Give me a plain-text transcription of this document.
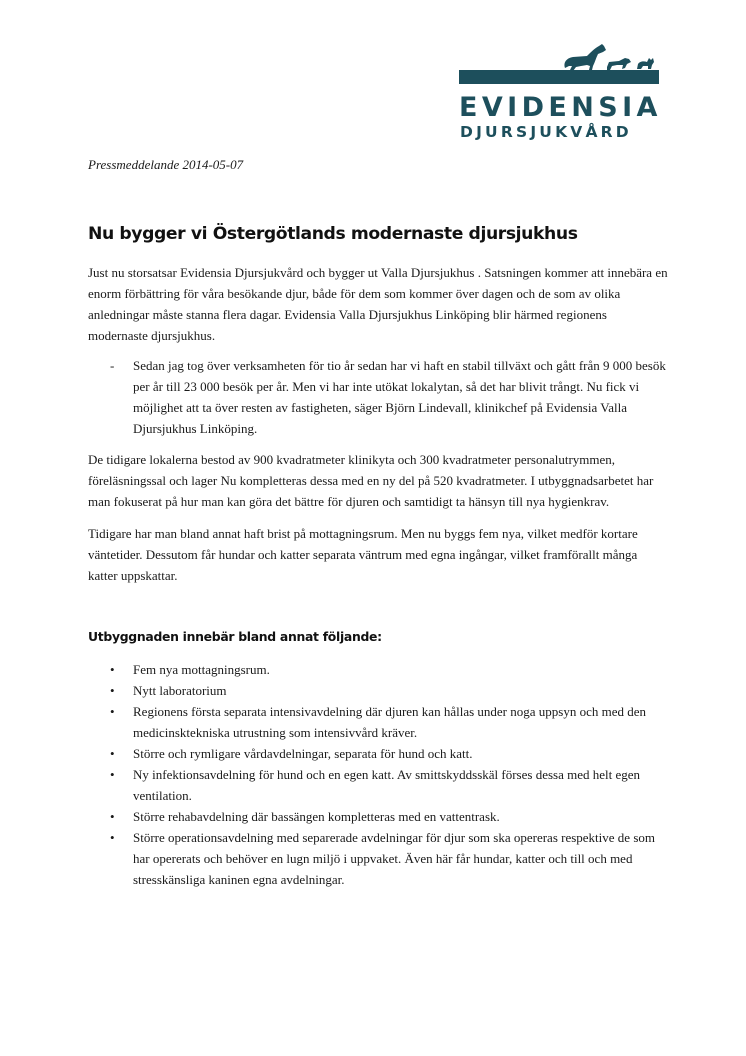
EVIDENSIA
DJURSJUKVÅRD
Pressmeddelande 2014-05-07
Nu bygger vi Östergötlands modernaste djursjukhus

Just nu storsatsar Evidensia Djursjukvård och bygger ut Valla Djursjukhus . Satsningen kommer att innebära en enorm förbättring för våra besökande djur, både för dem som kommer över dagen och de som av olika anledningar måste stanna flera dagar. Evidensia Valla Djursjukhus Linköping blir härmed regionens modernaste djursjukhus.

- Sedan jag tog över verksamheten för tio år sedan har vi haft en stabil tillväxt och gått från 9 000 besök per år till 23 000 besök per år. Men vi har inte utökat lokalytan, så det har blivit trångt. Nu fick vi möjlighet att ta över resten av fastigheten, säger Björn Lindevall, klinikchef på Evidensia Valla Djursjukhus Linköping.

De tidigare lokalerna bestod av 900 kvadratmeter klinikyta och 300 kvadratmeter personalutrymmen, föreläsningssal och lager Nu kompletteras dessa med en ny del på 520 kvadratmeter. I utbyggnadsarbetet har man fokuserat på hur man kan göra det bättre för djuren och samtidigt ta hänsyn till nya hygienkrav.

Tidigare har man bland annat haft brist på mottagningsrum. Men nu byggs fem nya, vilket medför kortare väntetider. Dessutom får hundar och katter separata väntrum med egna ingångar, vilket framförallt många katter uppskattar.

Utbyggnaden innebär bland annat följande:
• Fem nya mottagningsrum.
• Nytt laboratorium
• Regionens första separata intensivavdelning där djuren kan hållas under noga uppsyn och med den medicinsktekniska utrustning som intensivvård kräver.
• Större och rymligare vårdavdelningar, separata för hund och katt.
• Ny infektionsavdelning för hund och en egen katt. Av smittskyddsskäl förses dessa med helt egen ventilation.
• Större rehabavdelning där bassängen kompletteras med en vattentrask.
• Större operationsavdelning med separerade avdelningar för djur som ska opereras respektive de som har opererats och behöver en lugn miljö i uppvaket. Även här får hundar, katter och till och med stresskänsliga kaninen egna avdelningar.
